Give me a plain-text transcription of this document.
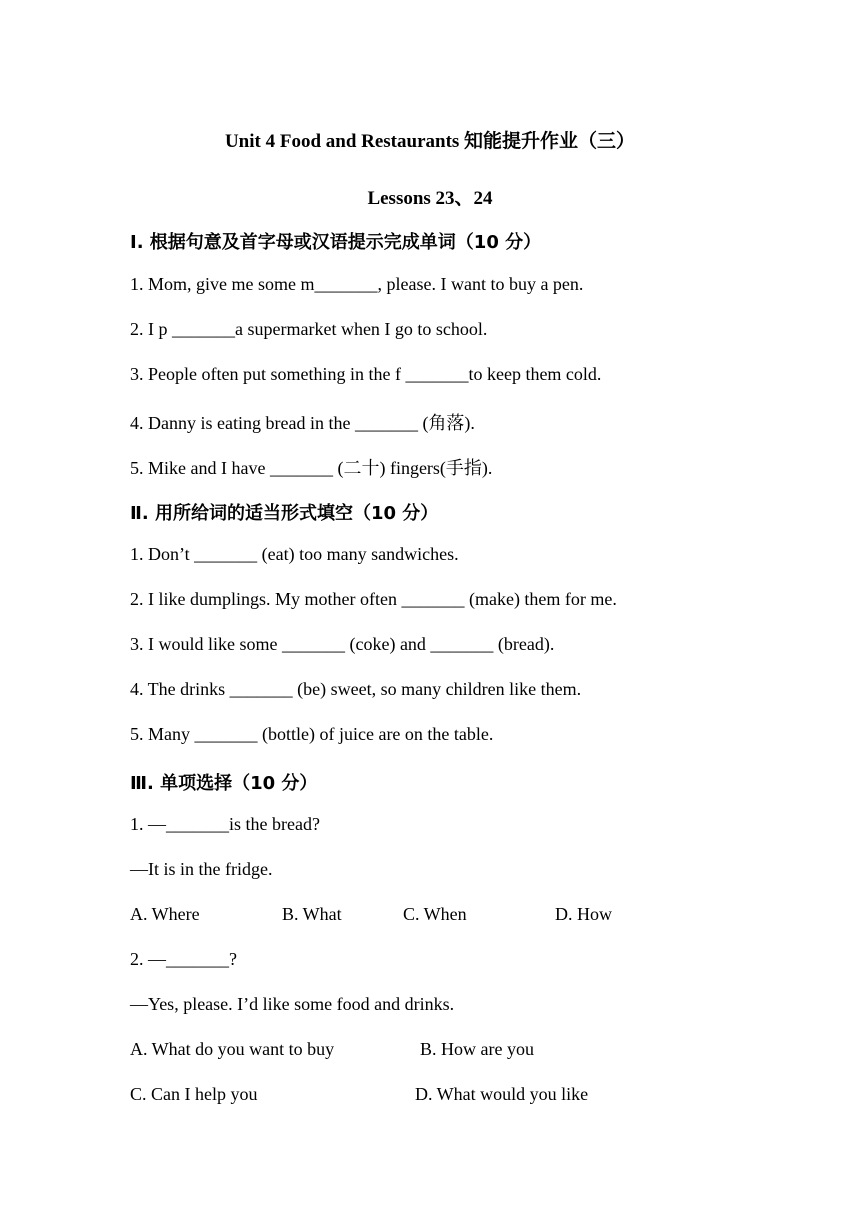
Unit 4 Food and Restaurants 知能提升作业（三）
Lessons 23、24
Ⅰ. 根据句意及首字母或汉语提示完成单词（10 分）
1. Mom, give me some m_______, please. I want to buy a pen.
2. I p _______a supermarket when I go to school.
3. People often put something in the f _______to keep them cold.
4. Danny is eating bread in the _______ (角落).
5. Mike and I have _______ (二十) fingers(手指).
Ⅱ. 用所给词的适当形式填空（10 分）
1. Don’t _______ (eat) too many sandwiches.
2. I like dumplings. My mother often _______ (make) them for me.
3. I would like some _______ (coke) and _______ (bread).
4. The drinks _______ (be) sweet, so many children like them.
5. Many _______ (bottle) of juice are on the table.
Ⅲ. 单项选择（10 分）
1. —_______is the bread?
—It is in the fridge.
A. Where	B. What	C. When	D. How
2. —_______?
—Yes, please. I’d like some food and drinks.
A. What do you want to buy	B. How are you
C. Can I help you	D. What would you like
